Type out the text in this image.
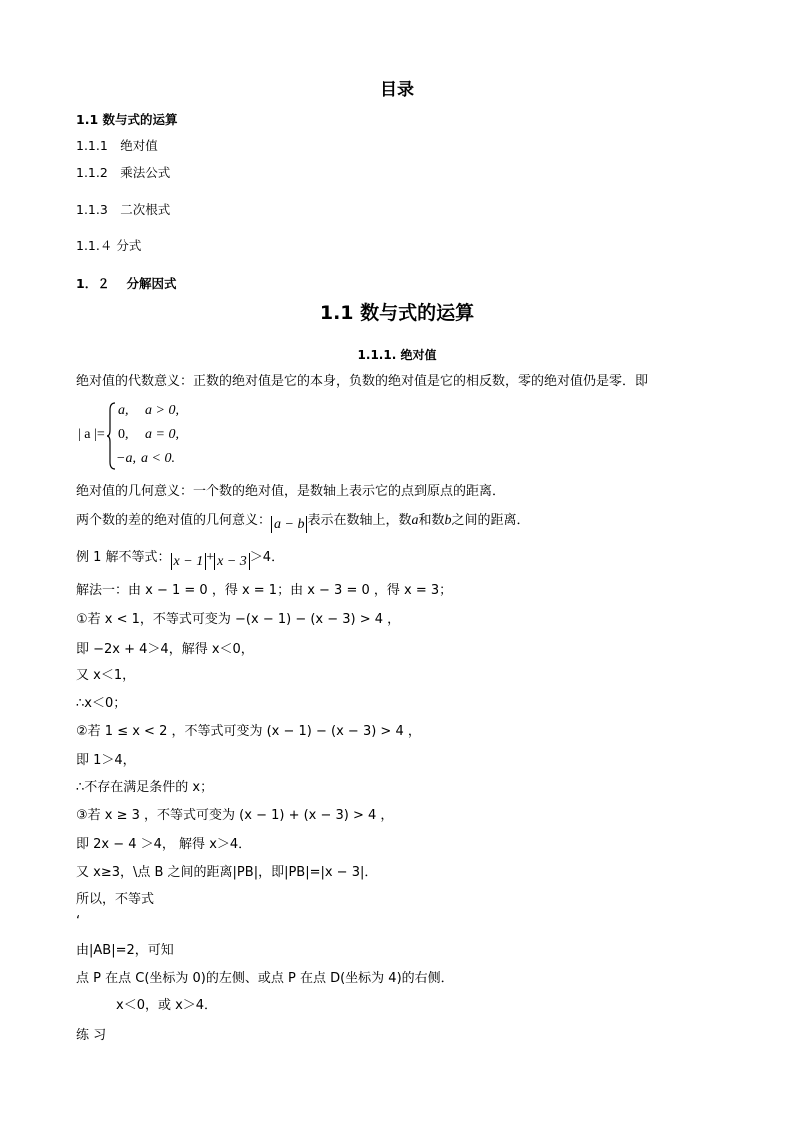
目录
1.1 数与式的运算
1.1.1　绝对值
1.1.2　乘法公式
1.1.3　二次根式
1.1.４ 分式
1．２　 分解因式
1.1 数与式的运算
1.1.1. 绝对值
绝对值的代数意义：正数的绝对值是它的本身，负数的绝对值是它的相反数，零的绝对值仍是零．即
| a |=
a, a > 0,
0, a = 0,
−a, a < 0.
绝对值的几何意义：一个数的绝对值，是数轴上表示它的点到原点的距离．
两个数的差的绝对值的几何意义： a − b 表示在数轴上，数a和数b之间的距离．
例 1 解不等式： x − 1 + x − 3 ＞4．
解法一：由 x − 1 = 0 ，得 x = 1；由 x − 3 = 0 ，得 x = 3；
①若 x < 1，不等式可变为 −(x − 1) − (x − 3) > 4 ，
即 −2x + 4＞4，解得 x＜0，
又 x＜1，
∴x＜0；
②若 1 ≤ x < 2 ，不等式可变为 (x − 1) − (x − 3) > 4 ，
即 1＞4，
∴不存在满足条件的 x；
③若 x ≥ 3 ，不等式可变为 (x − 1) + (x − 3) > 4 ，
即 2x − 4 ＞4， 解得 x＞4．
又 x≥3，\点 B 之间的距离|PB|，即|PB|=|x − 3|．
所以，不等式
‘
由|AB|=2，可知
点 P 在点 C(坐标为 0)的左侧、或点 P 在点 D(坐标为 4)的右侧．
x＜0，或 x＞4．
练 习
